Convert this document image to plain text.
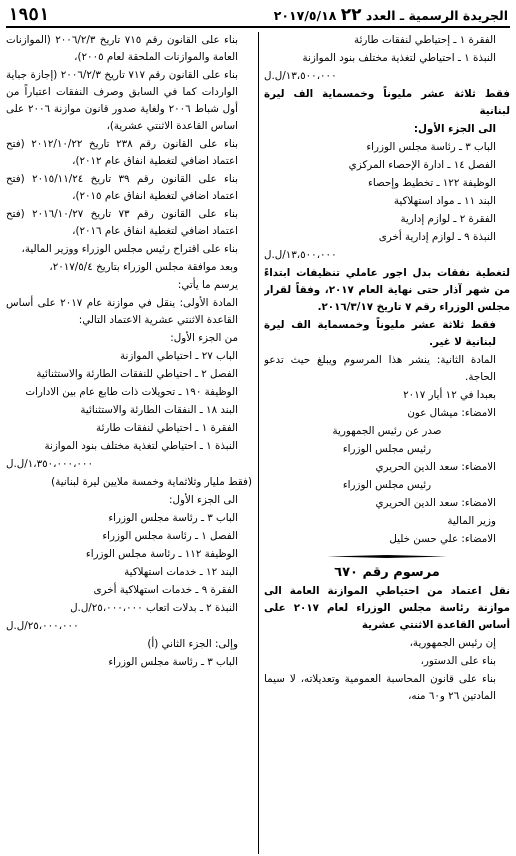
الجريدة الرسمية ـ العدد ٢٢ ٢٠١٧/٥/١٨
١٩٥١
الفقرة ١ ـ إحتياطي لنفقات طارئة
النبذة ١ ـ احتياطي لتغذية مختلف بنود الموازنة
١٣،٥٠٠،٠٠٠/ل.ل
فقط ثلاثة عشر مليوناً وخمسماية الف ليرة لبنانية
الى الجزء الأول:
الباب ٣ ـ رئاسة مجلس الوزراء
الفصل ١٤ ـ ادارة الإحصاء المركزي
الوظيفة ١٢٢ ـ تخطيط وإحصاء
البند ١١ ـ مواد استهلاكية
الفقرة ٢ ـ لوازم إدارية
النبذة ٩ ـ لوازم إدارية أخرى
١٣،٥٠٠،٠٠٠/ل.ل
لتغطية نفقات بدل اجور عاملي تنظيفات ابتداءً من شهر آذار حتى نهاية العام ٢٠١٧، وفقاً لقرار مجلس الوزراء رقم ٧ تاريخ ٢٠١٦/٣/١٧.
فقط ثلاثة عشر مليوناً وخمسماية الف ليرة لبنانية لا غير.
المادة الثانية: ينشر هذا المرسوم ويبلغ حيث تدعو الحاجة.
بعبدا في ١٢ أيار ٢٠١٧
الامضاء: ميشال عون
صدر عن رئيس الجمهورية
رئيس مجلس الوزراء
الامضاء: سعد الدين الحريري
رئيس مجلس الوزراء
الامضاء: سعد الدين الحريري
وزير المالية
الامضاء: علي حسن خليل
مرسوم رقم ٦٧٠
نقل اعتماد من احتياطي الموازنة العامة الى موازنة رئاسة مجلس الوزراء لعام ٢٠١٧ على أساس القاعدة الاثنتي عشرية
إن رئيس الجمهورية،
بناء على الدستور،
بناء على قانون المحاسبة العمومية وتعديلاته، لا سيما المادتين ٢٦ و٦٠ منه،
بناء على القانون رقم ٧١٥ تاريخ ٢٠٠٦/٢/٣ (الموازنات العامة والموازنات الملحقة لعام ٢٠٠٥)،
بناء على القانون رقم ٧١٧ تاريخ ٢٠٠٦/٢/٣ (إجازة جباية الواردات كما في السابق وصرف النفقات اعتباراً من أول شباط ٢٠٠٦ ولغاية صدور قانون موازنة ٢٠٠٦ على اساس القاعدة الاثنتي عشرية)،
بناء على القانون رقم ٢٣٨ تاريخ ٢٠١٢/١٠/٢٢ (فتح اعتماد اضافي لتغطية انفاق عام ٢٠١٢)،
بناء على القانون رقم ٣٩ تاريخ ٢٠١٥/١١/٢٤ (فتح اعتماد اضافي لتغطية انفاق عام ٢٠١٥)،
بناء على القانون رقم ٧٣ تاريخ ٢٠١٦/١٠/٢٧ (فتح اعتماد اضافي لتغطية انفاق عام ٢٠١٦)،
بناء على اقتراح رئيس مجلس الوزراء ووزير المالية،
وبعد موافقة مجلس الوزراء بتاريخ ٢٠١٧/٥/٤،
يرسم ما يأتي:
المادة الأولى: ينقل في موازنة عام ٢٠١٧ على أساس القاعدة الاثنتي عشرية الاعتماد التالي:
من الجزء الأول:
الباب ٢٧ ـ احتياطي الموازنة
الفصل ٢ ـ احتياطي للنفقات الطارئة والاستثنائية
الوظيفة ١٩٠ ـ تحويلات ذات طابع عام بين الادارات
البند ١٨ ـ النفقات الطارئة والاستثنائية
الفقرة ١ ـ احتياطي لنفقات طارئة
النبذة ١ ـ احتياطي لتغذية مختلف بنود الموازنة
١،٣٥٠،٠٠٠،٠٠٠/ل.ل
(فقط مليار وثلاثماية وخمسة ملايين ليرة لبنانية)
الى الجزء الأول:
الباب ٣ ـ رئاسة مجلس الوزراء
الفصل ١ ـ رئاسة مجلس الوزراء
الوظيفة ١١٢ ـ رئاسة مجلس الوزراء
البند ١٢ ـ خدمات استهلاكية
الفقرة ٩ ـ خدمات استهلاكية أخرى
النبذة ٢ ـ بدلات اتعاب ٢٥،٠٠٠،٠٠٠/ل.ل
٢٥،٠٠٠،٠٠٠/ل.ل
وإلى: الجزء الثاني (أ)
الباب ٣ ـ رئاسة مجلس الوزراء
